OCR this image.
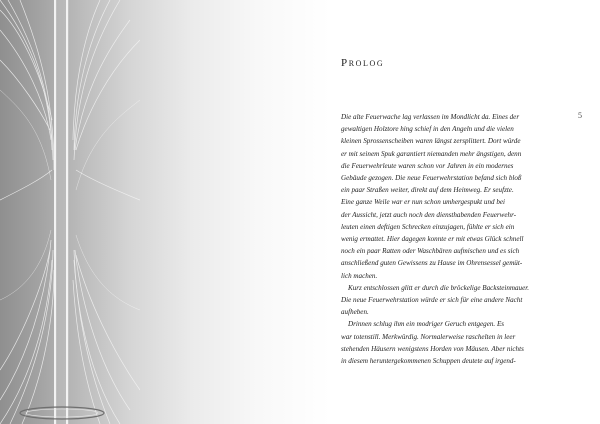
Prolog
5
Die alte Feuerwache lag verlassen im Mondlicht da. Eines der
gewaltigen Holztore hing schief in den Angeln und die vielen
kleinen Sprossenscheiben waren längst zersplittert. Dort würde
er mit seinem Spuk garantiert niemanden mehr ängstigen, denn
die Feuerwehrleute waren schon vor Jahren in ein modernes
Gebäude gezogen. Die neue Feuerwehrstation befand sich bloß
ein paar Straßen weiter, direkt auf dem Heimweg. Er seufzte.
Eine ganze Weile war er nun schon umhergespukt und bei
der Aussicht, jetzt auch noch den diensthabenden Feuerwehr-
leuten einen deftigen Schrecken einzujagen, fühlte er sich ein
wenig ermattet. Hier dagegen konnte er mit etwas Glück schnell
noch ein paar Ratten oder Waschbären aufmischen und es sich
anschließend guten Gewissens zu Hause im Ohrensessel gemüt-
lich machen.
Kurz entschlossen glitt er durch die bröckelige Backsteinmauer.
Die neue Feuerwehrstation würde er sich für eine andere Nacht
aufheben.
Drinnen schlug ihm ein modriger Geruch entgegen. Es
war totenstill. Merkwürdig. Normalerweise raschelten in leer
stehenden Häusern wenigstens Horden von Mäusen. Aber nichts
in diesem heruntergekommenen Schuppen deutete auf irgend-
